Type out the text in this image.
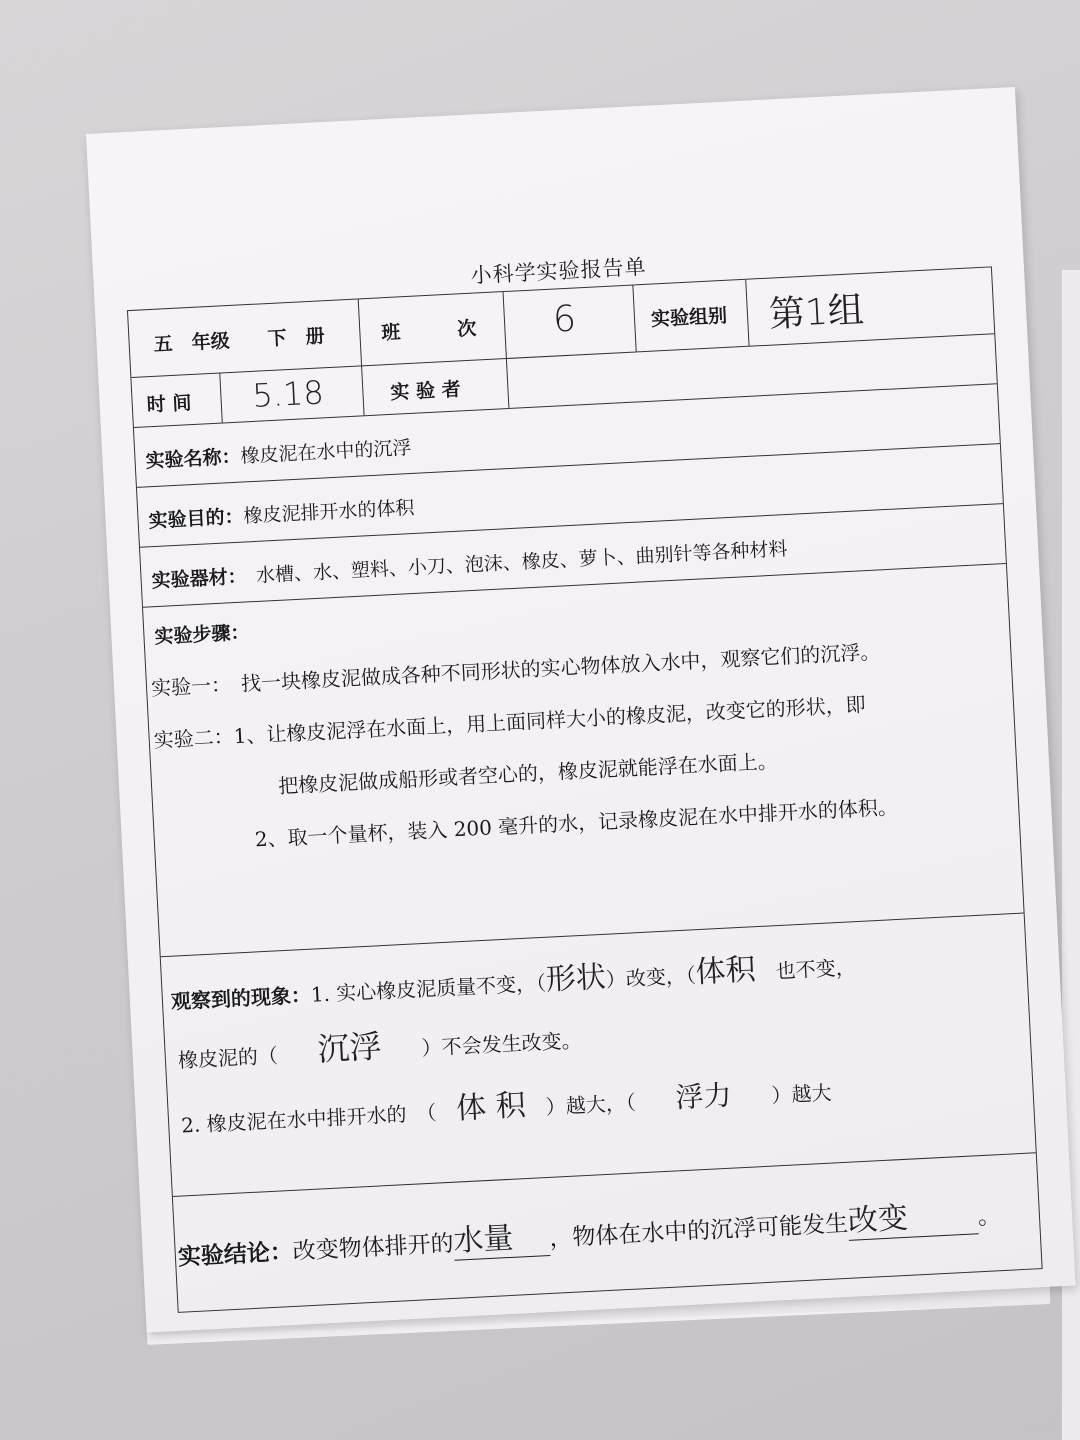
小科学实验报告单
五　年级　　下　册	班　　　次 6	实验组别 第1组
时 间 5.18	实 验 者
实验名称：橡皮泥在水中的沉浮
实验目的：橡皮泥排开水的体积
实验器材：　 水槽、水、塑料、小刀、泡沫、橡皮、萝卜、曲别针等各种材料
实验步骤：
实验一：　 找一块橡皮泥做成各种不同形状的实心物体放入水中，观察它们的沉浮。
实验二：1、让橡皮泥浮在水面上，用上面同样大小的橡皮泥，改变它的形状，即
把橡皮泥做成船形或者空心的，橡皮泥就能浮在水面上。
2、取一个量杯，装入 200 毫升的水，记录橡皮泥在水中排开水的体积。
观察到的现象：1. 实心橡皮泥质量不变，（形状）改变，（体积　 也不变，
橡皮泥的（　　 沉浮　　 ）不会发生改变。
2. 橡皮泥在水中排开水的　（　 体 积　 ）越大，（　　 浮力　　 ）越大
实验结论：改变物体排开的水量 ，物体在水中的沉浮可能发生改变	。
